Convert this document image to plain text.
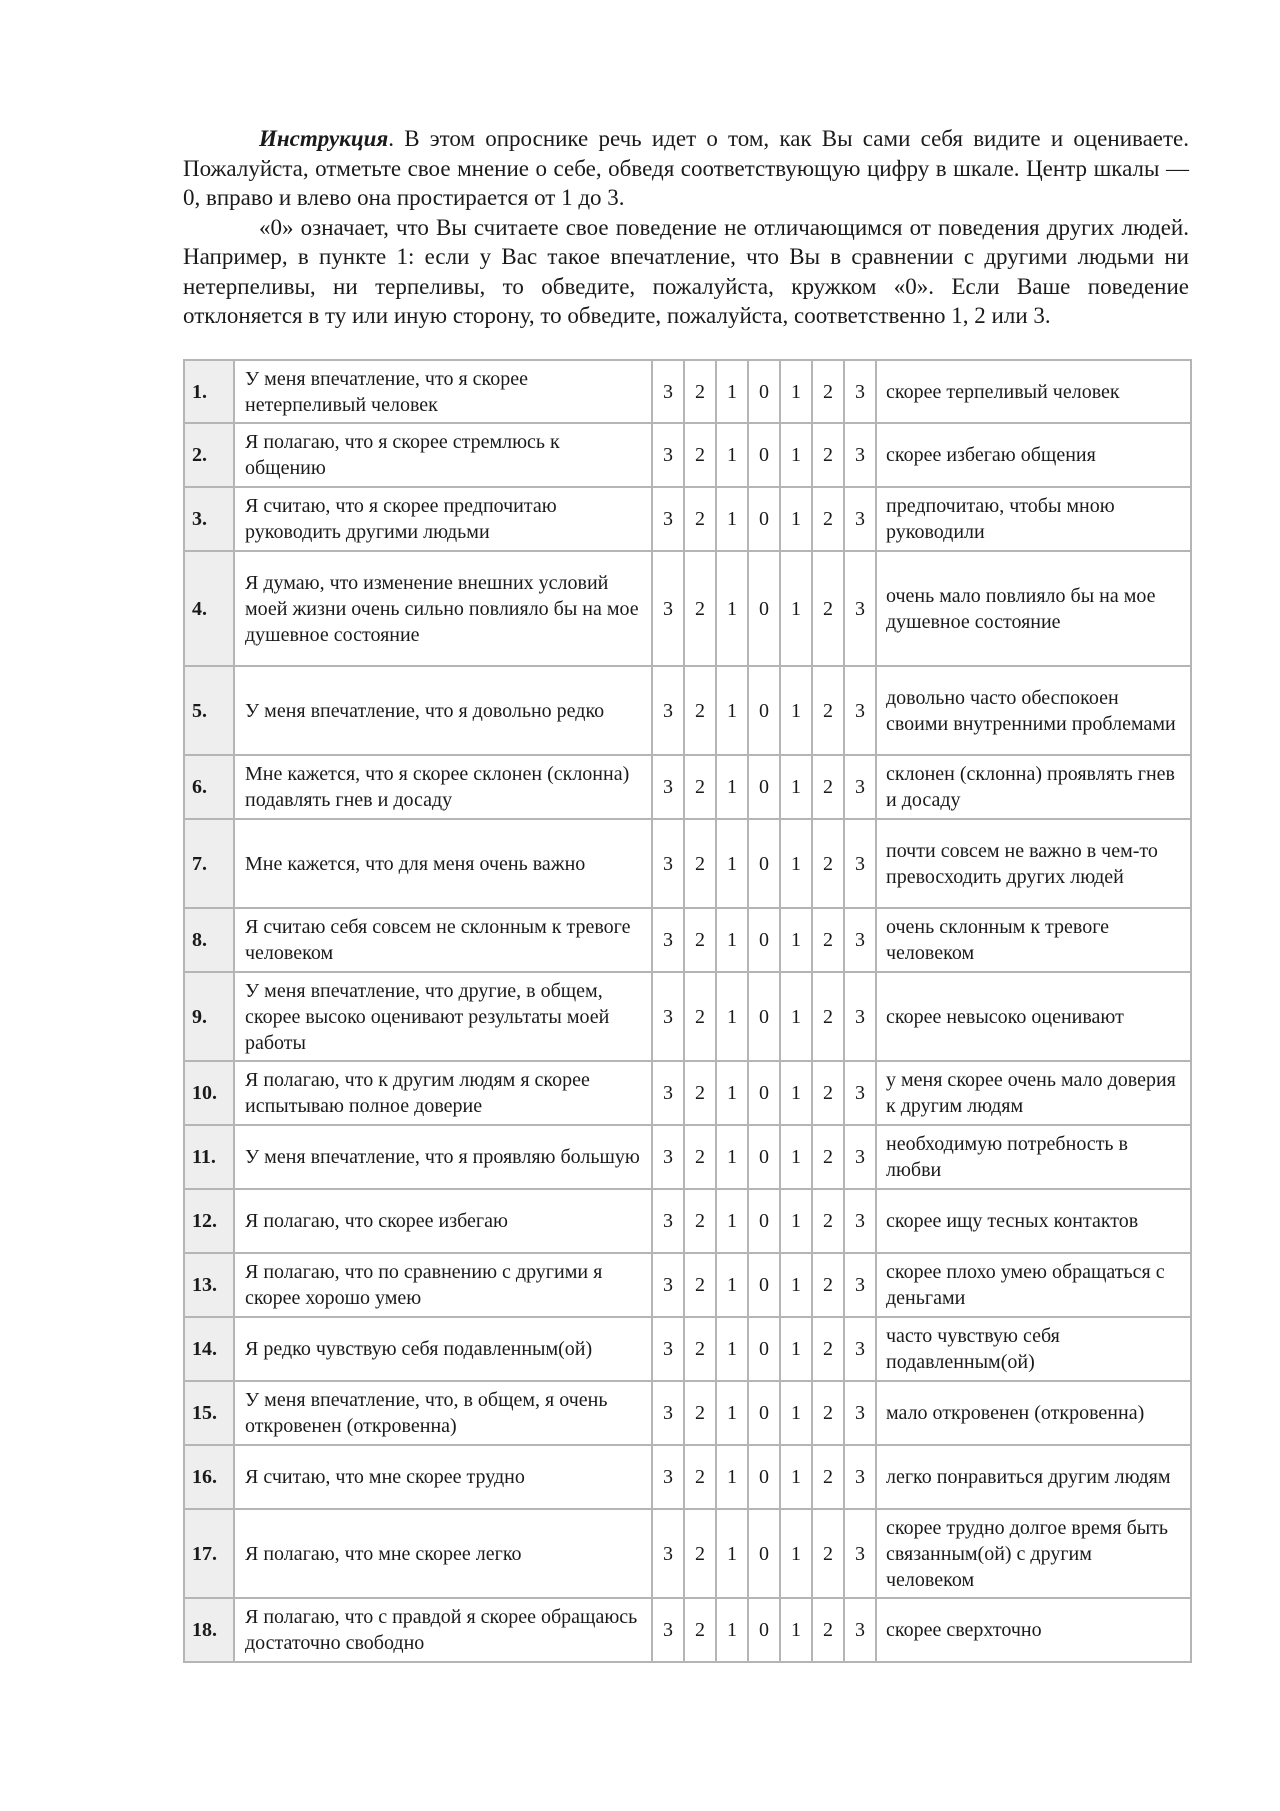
Инструкция. В этом опроснике речь идет о том, как Вы сами себя видите и оцениваете. Пожалуйста, отметьте свое мнение о себе, обведя соответствующую цифру в шкале. Центр шкалы — 0, вправо и влево она простирается от 1 до 3.

«0» означает, что Вы считаете свое поведение не отличающимся от поведения других людей. Например, в пункте 1: если у Вас такое впечатление, что Вы в сравнении с другими людьми ни нетерпеливы, ни терпеливы, то обведите, пожалуйста, кружком «0». Если Ваше поведение отклоняется в ту или иную сторону, то обведите, пожалуйста, соответственно 1, 2 или 3.

1.	У меня впечатление, что я скорее нетерпеливый человек	3	2	1	0	1	2	3	скорее терпеливый человек
2.	Я полагаю, что я скорее стремлюсь к общению	3	2	1	0	1	2	3	скорее избегаю общения
3.	Я считаю, что я скорее предпочитаю руководить другими людьми	3	2	1	0	1	2	3	предпочитаю, чтобы мною руководили
4.	Я думаю, что изменение внешних условий моей жизни очень сильно повлияло бы на мое душевное состояние	3	2	1	0	1	2	3	очень мало повлияло бы на мое душевное состояние
5.	У меня впечатление, что я довольно редко	3	2	1	0	1	2	3	довольно часто обеспокоен своими внутренними проблемами
6.	Мне кажется, что я скорее склонен (склонна) подавлять гнев и досаду	3	2	1	0	1	2	3	склонен (склонна) проявлять гнев и досаду
7.	Мне кажется, что для меня очень важно	3	2	1	0	1	2	3	почти совсем не важно в чем-то превосходить других людей
8.	Я считаю себя совсем не склонным к тревоге человеком	3	2	1	0	1	2	3	очень склонным к тревоге человеком
9.	У меня впечатление, что другие, в общем, скорее высоко оценивают результаты моей работы	3	2	1	0	1	2	3	скорее невысоко оценивают
10.	Я полагаю, что к другим людям я скорее испытываю полное доверие	3	2	1	0	1	2	3	у меня скорее очень мало доверия к другим людям
11.	У меня впечатление, что я проявляю большую	3	2	1	0	1	2	3	необходимую потребность в любви
12.	Я полагаю, что скорее избегаю	3	2	1	0	1	2	3	скорее ищу тесных контактов
13.	Я полагаю, что по сравнению с другими я скорее хорошо умею	3	2	1	0	1	2	3	скорее плохо умею обращаться с деньгами
14.	Я редко чувствую себя подавленным(ой)	3	2	1	0	1	2	3	часто чувствую себя подавленным(ой)
15.	У меня впечатление, что, в общем, я очень откровенен (откровенна)	3	2	1	0	1	2	3	мало откровенен (откровенна)
16.	Я считаю, что мне скорее трудно	3	2	1	0	1	2	3	легко понравиться другим людям
17.	Я полагаю, что мне скорее легко	3	2	1	0	1	2	3	скорее трудно долгое время быть связанным(ой) с другим человеком
18.	Я полагаю, что с правдой я скорее обращаюсь достаточно свободно	3	2	1	0	1	2	3	скорее сверхточно
